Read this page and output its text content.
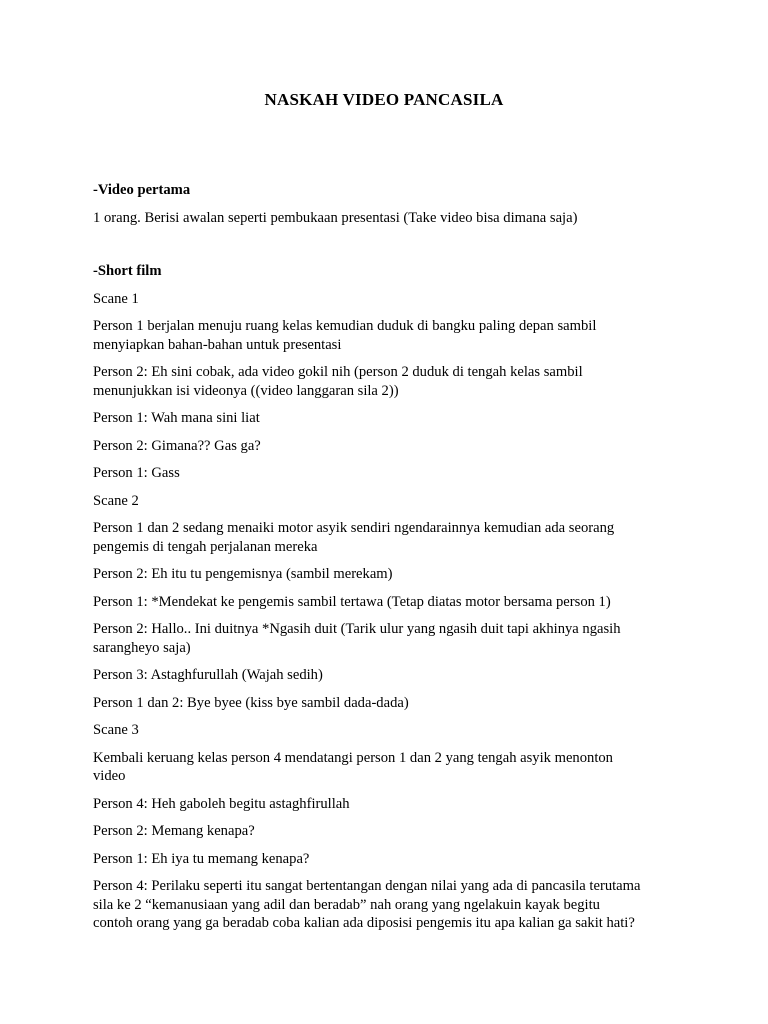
NASKAH VIDEO PANCASILA

-Video pertama

1 orang. Berisi awalan seperti pembukaan presentasi (Take video bisa dimana saja)

-Short film

Scane 1

Person 1 berjalan menuju ruang kelas kemudian duduk di bangku paling depan sambil
menyiapkan bahan-bahan untuk presentasi

Person 2: Eh sini cobak, ada video gokil nih (person 2 duduk di tengah kelas sambil
menunjukkan isi videonya ((video langgaran sila 2))

Person 1: Wah mana sini liat

Person 2: Gimana?? Gas ga?

Person 1: Gass

Scane 2

Person 1 dan 2 sedang menaiki motor asyik sendiri ngendarainnya kemudian ada seorang
pengemis di tengah perjalanan mereka

Person 2: Eh itu tu pengemisnya (sambil merekam)

Person 1: *Mendekat ke pengemis sambil tertawa (Tetap diatas motor bersama person 1)

Person 2: Hallo.. Ini duitnya *Ngasih duit (Tarik ulur yang ngasih duit tapi akhinya ngasih
sarangheyo saja)

Person 3: Astaghfurullah (Wajah sedih)

Person 1 dan 2: Bye byee (kiss bye sambil dada-dada)

Scane 3

Kembali keruang kelas person 4 mendatangi person 1 dan 2 yang tengah asyik menonton
video

Person 4: Heh gaboleh begitu astaghfirullah

Person 2: Memang kenapa?

Person 1: Eh iya tu memang kenapa?

Person 4: Perilaku seperti itu sangat bertentangan dengan nilai yang ada di pancasila terutama
sila ke 2 “kemanusiaan yang adil dan beradab” nah orang yang ngelakuin kayak begitu
contoh orang yang ga beradab coba kalian ada diposisi pengemis itu apa kalian ga sakit hati?
